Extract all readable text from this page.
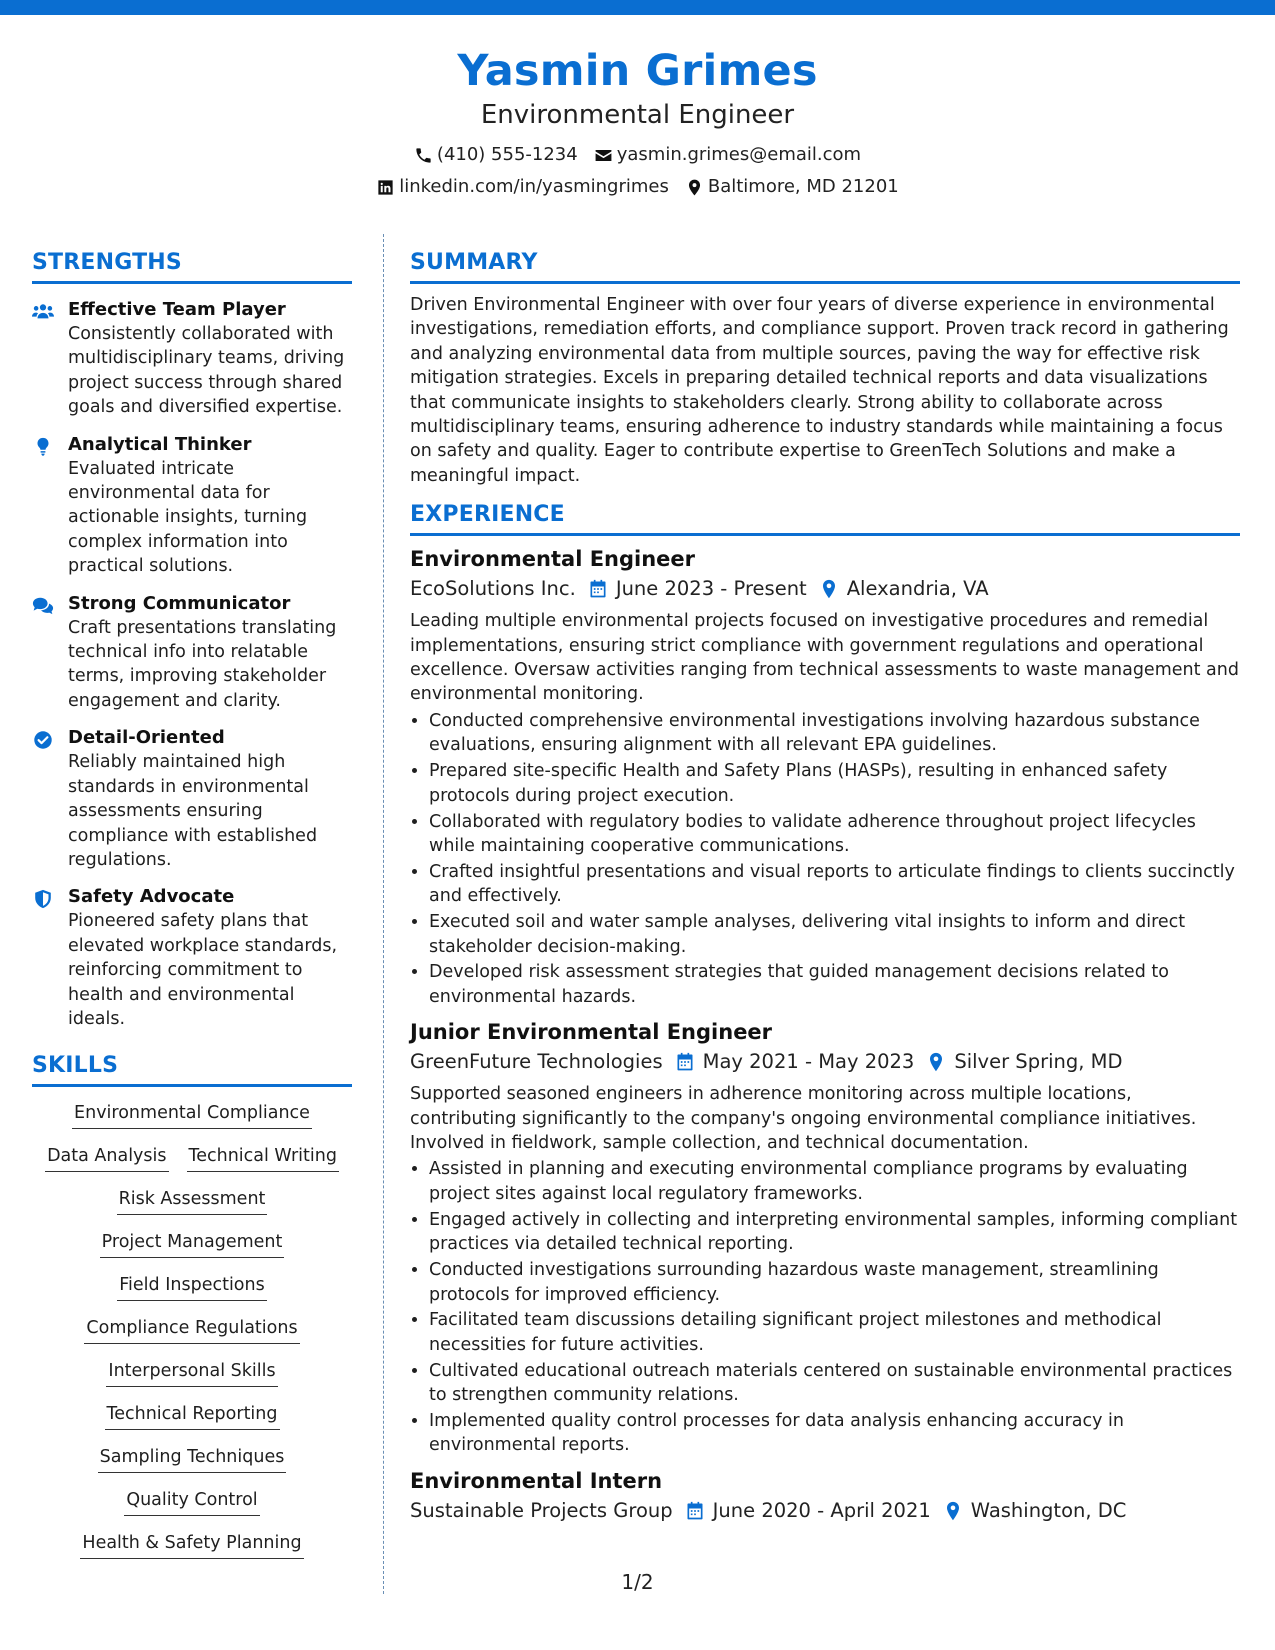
Yasmin Grimes
Environmental Engineer
(410) 555-1234 yasmin.grimes@email.com
linkedin.com/in/yasmingrimes Baltimore, MD 21201
STRENGTHS
Effective Team Player
Consistently collaborated with multidisciplinary teams, driving project success through shared goals and diversified expertise.
Analytical Thinker
Evaluated intricate environmental data for actionable insights, turning complex information into practical solutions.
Strong Communicator
Craft presentations translating technical info into relatable terms, improving stakeholder engagement and clarity.
Detail-Oriented
Reliably maintained high standards in environmental assessments ensuring compliance with established regulations.
Safety Advocate
Pioneered safety plans that elevated workplace standards, reinforcing commitment to health and environmental ideals.
SKILLS
Environmental Compliance
Data Analysis Technical Writing
Risk Assessment
Project Management
Field Inspections
Compliance Regulations
Interpersonal Skills
Technical Reporting
Sampling Techniques
Quality Control
Health & Safety Planning
SUMMARY
Driven Environmental Engineer with over four years of diverse experience in environmental investigations, remediation efforts, and compliance support. Proven track record in gathering and analyzing environmental data from multiple sources, paving the way for effective risk mitigation strategies. Excels in preparing detailed technical reports and data visualizations that communicate insights to stakeholders clearly. Strong ability to collaborate across multidisciplinary teams, ensuring adherence to industry standards while maintaining a focus on safety and quality. Eager to contribute expertise to GreenTech Solutions and make a meaningful impact.
EXPERIENCE
Environmental Engineer
EcoSolutions Inc. June 2023 - Present Alexandria, VA
Leading multiple environmental projects focused on investigative procedures and remedial implementations, ensuring strict compliance with government regulations and operational excellence. Oversaw activities ranging from technical assessments to waste management and environmental monitoring.
• Conducted comprehensive environmental investigations involving hazardous substance evaluations, ensuring alignment with all relevant EPA guidelines.
• Prepared site-specific Health and Safety Plans (HASPs), resulting in enhanced safety protocols during project execution.
• Collaborated with regulatory bodies to validate adherence throughout project lifecycles while maintaining cooperative communications.
• Crafted insightful presentations and visual reports to articulate findings to clients succinctly and effectively.
• Executed soil and water sample analyses, delivering vital insights to inform and direct stakeholder decision-making.
• Developed risk assessment strategies that guided management decisions related to environmental hazards.
Junior Environmental Engineer
GreenFuture Technologies May 2021 - May 2023 Silver Spring, MD
Supported seasoned engineers in adherence monitoring across multiple locations, contributing significantly to the company's ongoing environmental compliance initiatives. Involved in fieldwork, sample collection, and technical documentation.
• Assisted in planning and executing environmental compliance programs by evaluating project sites against local regulatory frameworks.
• Engaged actively in collecting and interpreting environmental samples, informing compliant practices via detailed technical reporting.
• Conducted investigations surrounding hazardous waste management, streamlining protocols for improved efficiency.
• Facilitated team discussions detailing significant project milestones and methodical necessities for future activities.
• Cultivated educational outreach materials centered on sustainable environmental practices to strengthen community relations.
• Implemented quality control processes for data analysis enhancing accuracy in environmental reports.
Environmental Intern
Sustainable Projects Group June 2020 - April 2021 Washington, DC
1/2
